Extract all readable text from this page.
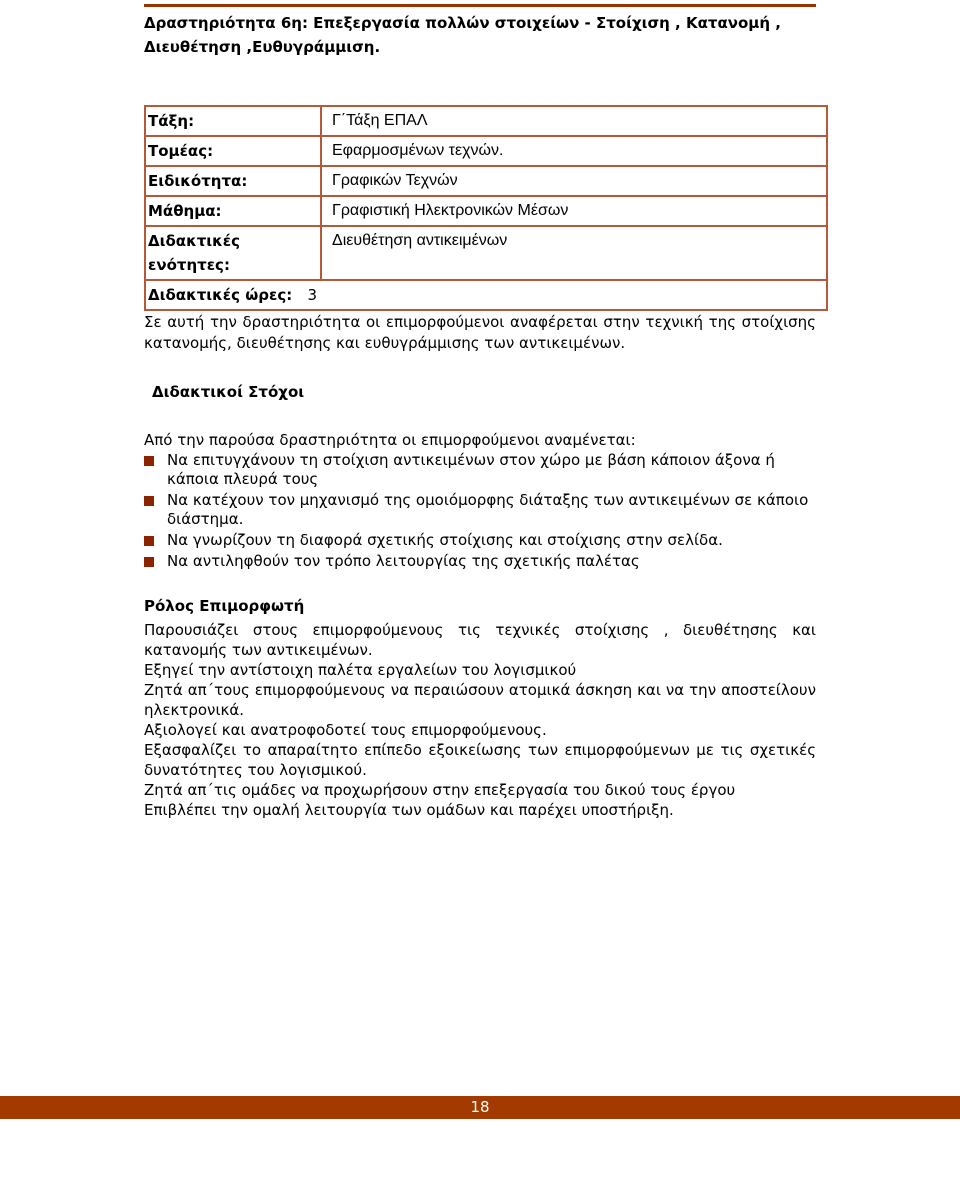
Δραστηριότητα 6η: Επεξεργασία πολλών στοιχείων - Στοίχιση , Κατανομή , Διευθέτηση ,Ευθυγράμμιση.
Τάξη:	Γ΄Τάξη ΕΠΑΛ
Τομέας:	Εφαρμοσμένων τεχνών.
Ειδικότητα:	Γραφικών Τεχνών
Μάθημα:	Γραφιστική Ηλεκτρονικών Μέσων
Διδακτικές ενότητες:	Διευθέτηση αντικειμένων
Διδακτικές ώρες: 3	
Σε αυτή την δραστηριότητα οι επιμορφούμενοι αναφέρεται στην τεχνική της στοίχισης κατανομής, διευθέτησης και ευθυγράμμισης των αντικειμένων.
Διδακτικοί Στόχοι
Από την παρούσα δραστηριότητα οι επιμορφούμενοι αναμένεται:
Να επιτυγχάνουν τη στοίχιση αντικειμένων στον χώρο με βάση κάποιον άξονα ή κάποια πλευρά τους
Να κατέχουν τον μηχανισμό της ομοιόμορφης διάταξης των αντικειμένων σε κάποιο διάστημα.
Να γνωρίζουν τη διαφορά σχετικής στοίχισης και στοίχισης στην σελίδα.
Να αντιληφθούν τον τρόπο λειτουργίας της σχετικής παλέτας
Ρόλος Επιμορφωτή

Παρουσιάζει στους επιμορφούμενους τις τεχνικές στοίχισης , διευθέτησης και κατανομής των αντικειμένων.

Εξηγεί την αντίστοιχη παλέτα εργαλείων του λογισμικού

Ζητά απ΄τους επιμορφούμενους να περαιώσουν ατομικά άσκηση και να την αποστείλουν ηλεκτρονικά.

Αξιολογεί και ανατροφοδοτεί τους επιμορφούμενους.

Εξασφαλίζει το απαραίτητο επίπεδο εξοικείωσης των επιμορφούμενων με τις σχετικές δυνατότητες του λογισμικού.

Ζητά απ΄τις ομάδες να προχωρήσουν στην επεξεργασία του δικού τους έργου

Επιβλέπει την ομαλή λειτουργία των ομάδων και παρέχει υποστήριξη.

18
